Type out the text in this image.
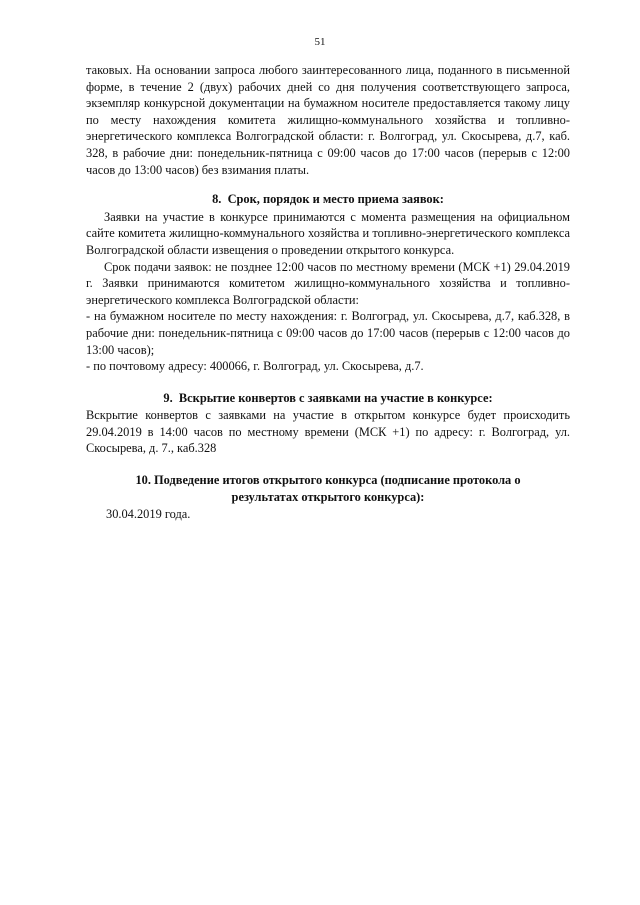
51

таковых. На основании запроса любого заинтересованного лица, поданного в письменной форме, в течение 2 (двух) рабочих дней со дня получения соответствующего запроса, экземпляр конкурсной документации на бумажном носителе предоставляется такому лицу по месту нахождения комитета жилищно-коммунального хозяйства и топливно-энергетического комплекса Волгоградской области: г. Волгоград, ул. Скосырева, д.7, каб. 328, в рабочие дни: понедельник-пятница с 09:00 часов до 17:00 часов (перерыв с 12:00 часов до 13:00 часов) без взимания платы.

8.  Срок, порядок и место приема заявок:

Заявки на участие в конкурсе принимаются с момента размещения на официальном сайте комитета жилищно-коммунального хозяйства и топливно-энергетического комплекса Волгоградской области извещения о проведении открытого конкурса.

Срок подачи заявок: не позднее 12:00 часов по местному времени (МСК +1) 29.04.2019 г. Заявки принимаются комитетом жилищно-коммунального хозяйства и топливно-энергетического комплекса Волгоградской области:

- на бумажном носителе по месту нахождения: г. Волгоград, ул. Скосырева, д.7, каб.328, в рабочие дни: понедельник-пятница с 09:00 часов до 17:00 часов (перерыв с 12:00 часов до 13:00 часов);

- по почтовому адресу: 400066, г. Волгоград, ул. Скосырева, д.7.

9.  Вскрытие конвертов с заявками на участие в конкурсе:

Вскрытие конвертов с заявками на участие в открытом конкурсе будет происходить 29.04.2019 в 14:00 часов по местному времени (МСК +1) по адресу: г. Волгоград, ул. Скосырева, д. 7., каб.328

10. Подведение итогов открытого конкурса (подписание протокола о

результатах открытого конкурса):

30.04.2019 года.
